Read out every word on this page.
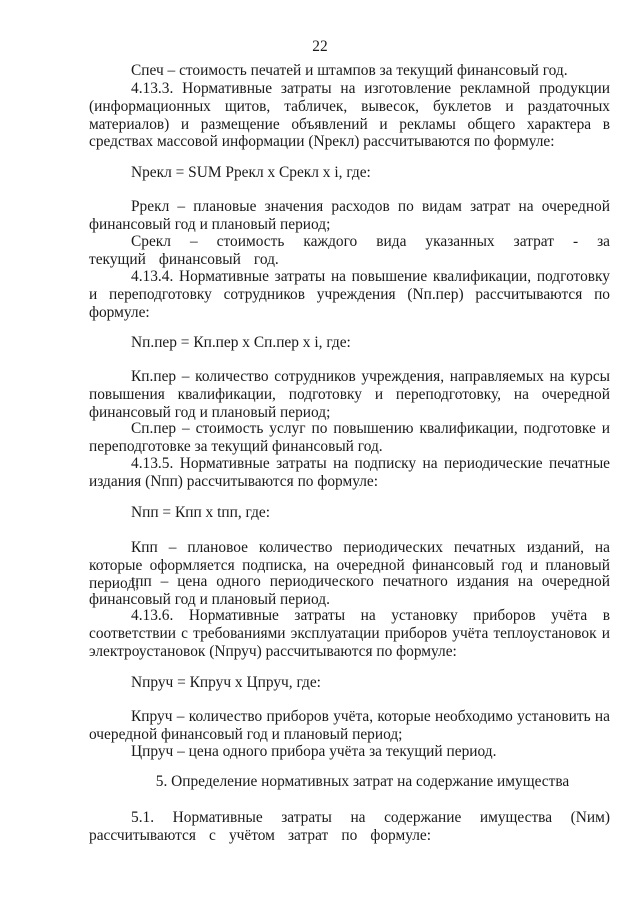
22

Спеч – стоимость печатей и штампов за текущий финансовый год.

4.13.3. Нормативные затраты на изготовление рекламной продукции (информационных щитов, табличек, вывесок, буклетов и раздаточных материалов) и размещение объявлений и рекламы общего характера в средствах массовой информации (Nрекл) рассчитываются по формуле:

Nрекл = SUM Ррекл x Срекл x i, где:

Ррекл – плановые значения расходов по видам затрат на очередной финансовый год и плановый период;

Срекл – стоимость каждого вида указанных затрат - за текущий финансовый год.

4.13.4. Нормативные затраты на повышение квалификации, подготовку и переподготовку сотрудников учреждения (Nп.пер) рассчитываются по формуле:

Nп.пер = Кп.пер x Сп.пер x i, где:

Кп.пер – количество сотрудников учреждения, направляемых на курсы повышения квалификации, подготовку и переподготовку, на очередной финансовый год и плановый период;

Сп.пер – стоимость услуг по повышению квалификации, подготовке и переподготовке за текущий финансовый год.

4.13.5. Нормативные затраты на подписку на периодические печатные издания (Nпп) рассчитываются по формуле:

Nпп = Кпп x tпп, где:

Кпп – плановое количество периодических печатных изданий, на которые оформляется подписка, на очередной финансовый год и плановый период;

tпп – цена одного периодического печатного издания на очередной финансовый год и плановый период.

4.13.6. Нормативные затраты на установку приборов учёта в соответствии с требованиями эксплуатации приборов учёта теплоустановок и электроустановок (Nпруч) рассчитываются по формуле:

Nпруч = Кпруч x Цпруч, где:

Кпруч – количество приборов учёта, которые необходимо установить на очередной финансовый год и плановый период;

Цпруч – цена одного прибора учёта за текущий период.

5. Определение нормативных затрат на содержание имущества

5.1. Нормативные затраты на содержание имущества (Nим) рассчитываются с учётом затрат по формуле:
